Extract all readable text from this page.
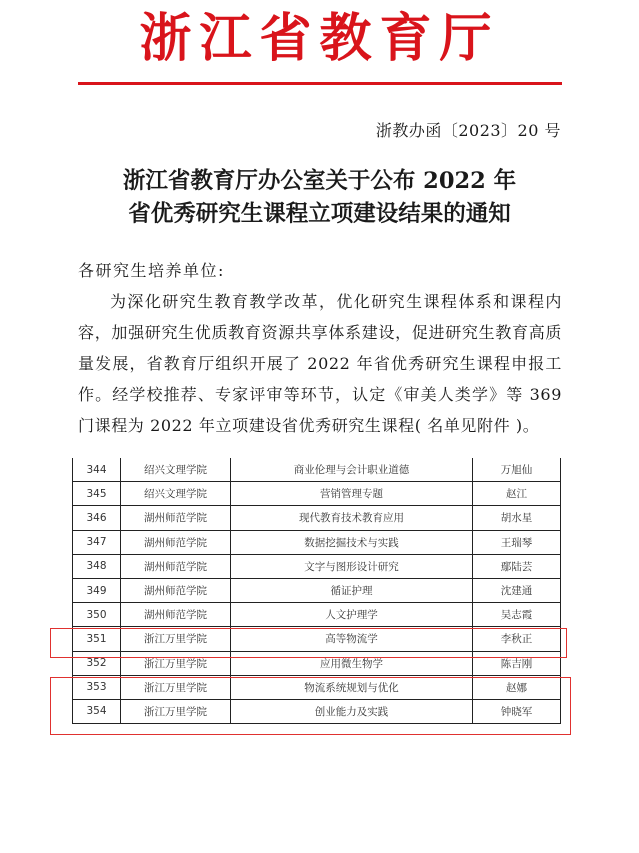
浙江省教育厅
浙教办函〔2023〕20 号
浙江省教育厅办公室关于公布 2022 年
省优秀研究生课程立项建设结果的通知
各研究生培养单位:
为深化研究生教育教学改革，优化研究生课程体系和课程内容，加强研究生优质教育资源共享体系建设，促进研究生教育高质量发展，省教育厅组织开展了 2022 年省优秀研究生课程申报工作。经学校推荐、专家评审等环节，认定《审美人类学》等 369 门课程为 2022 年立项建设省优秀研究生课程( 名单见附件 )。
344	绍兴文理学院	商业伦理与会计职业道德	万旭仙
345	绍兴文理学院	营销管理专题	赵江
346	湖州师范学院	现代教育技术教育应用	胡水星
347	湖州师范学院	数据挖掘技术与实践	王瑞琴
348	湖州师范学院	文字与图形设计研究	鄢陆芸
349	湖州师范学院	循证护理	沈建通
350	湖州师范学院	人文护理学	吴志霞
351	浙江万里学院	高等物流学	李秋正
352	浙江万里学院	应用微生物学	陈吉刚
353	浙江万里学院	物流系统规划与优化	赵娜
354	浙江万里学院	创业能力及实践	钟晓军
